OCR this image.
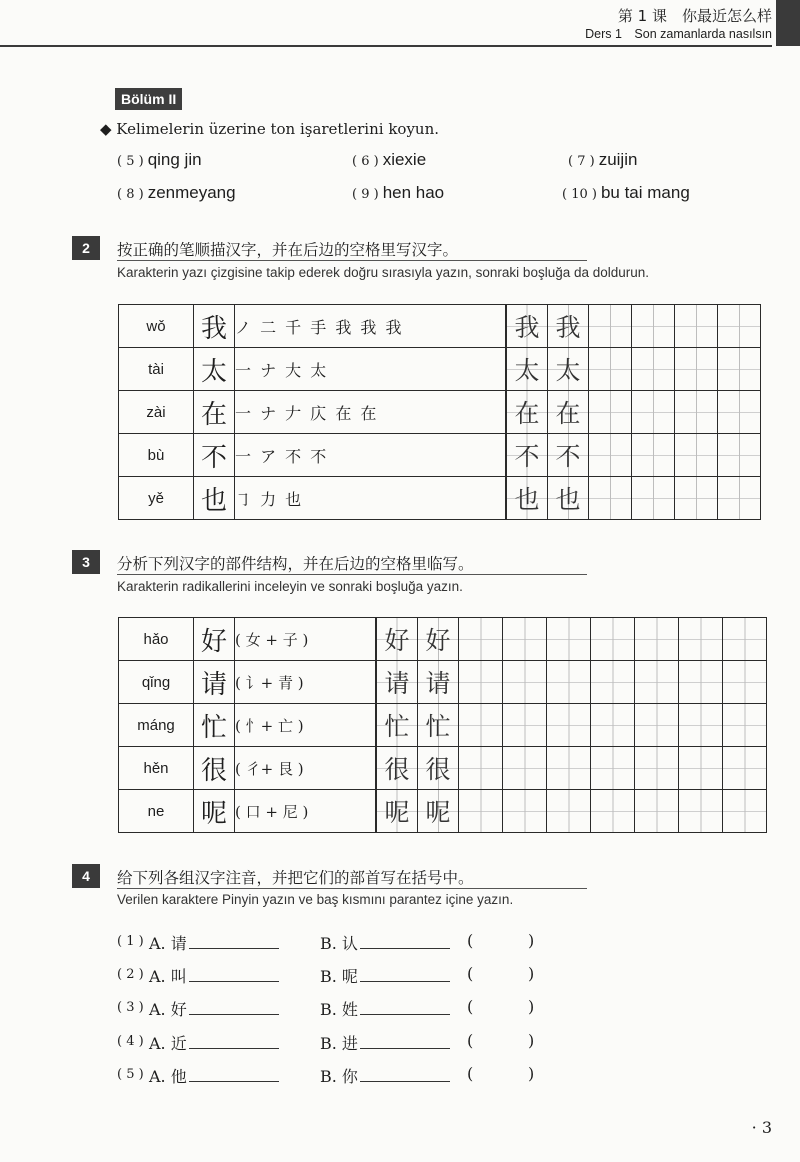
第 1 课　你最近怎么样
Ders 1　Son zamanlarda nasılsın
Bölüm II
◆ Kelimelerin üzerine ton işaretlerini koyun.
( 5 ) qing jin	( 6 ) xiexie	( 7 ) zuijin
( 8 ) zenmeyang	( 9 ) hen hao	( 10 ) bu tai mang
2	按正确的笔顺描汉字，并在后边的空格里写汉字。
Karakterin yazı çizgisine takip ederek doğru sırasıyla yazın, sonraki boşluğa da doldurun.
wǒ	我	ノ 二 千 手 我 我 我	我	我				
tài	太	一 ナ 大 太	太	太				
zài	在	一 ナ 𠂇 庂 在 在	在	在				
bù	不	一 ア 不 不	不	不				
yě	也	㇆ 力 也	也	也				
3	分析下列汉字的部件结构，并在后边的空格里临写。
Karakterin radikallerini inceleyin ve sonraki boşluğa yazın.
hǎo	好	( 女 + 子 )	好	好							
qǐng	请	( 讠+ 青 )	请	请							
máng	忙	( 忄+ 亡 )	忙	忙							
hěn	很	( 彳+ 艮 )	很	很							
ne	呢	( 口 + 尼 )	呢	呢							
4	给下列各组汉字注音，并把它们的部首写在括号中。
Verilen karaktere Pinyin yazın ve baş kısmını parantez içine yazın.
( 1 ) A. 请	B. 认	(	)
( 2 ) A. 叫	B. 呢	(	)
( 3 ) A. 好	B. 姓	(	)
( 4 ) A. 近	B. 进	(	)
( 5 ) A. 他	B. 你	(	)
· 3
